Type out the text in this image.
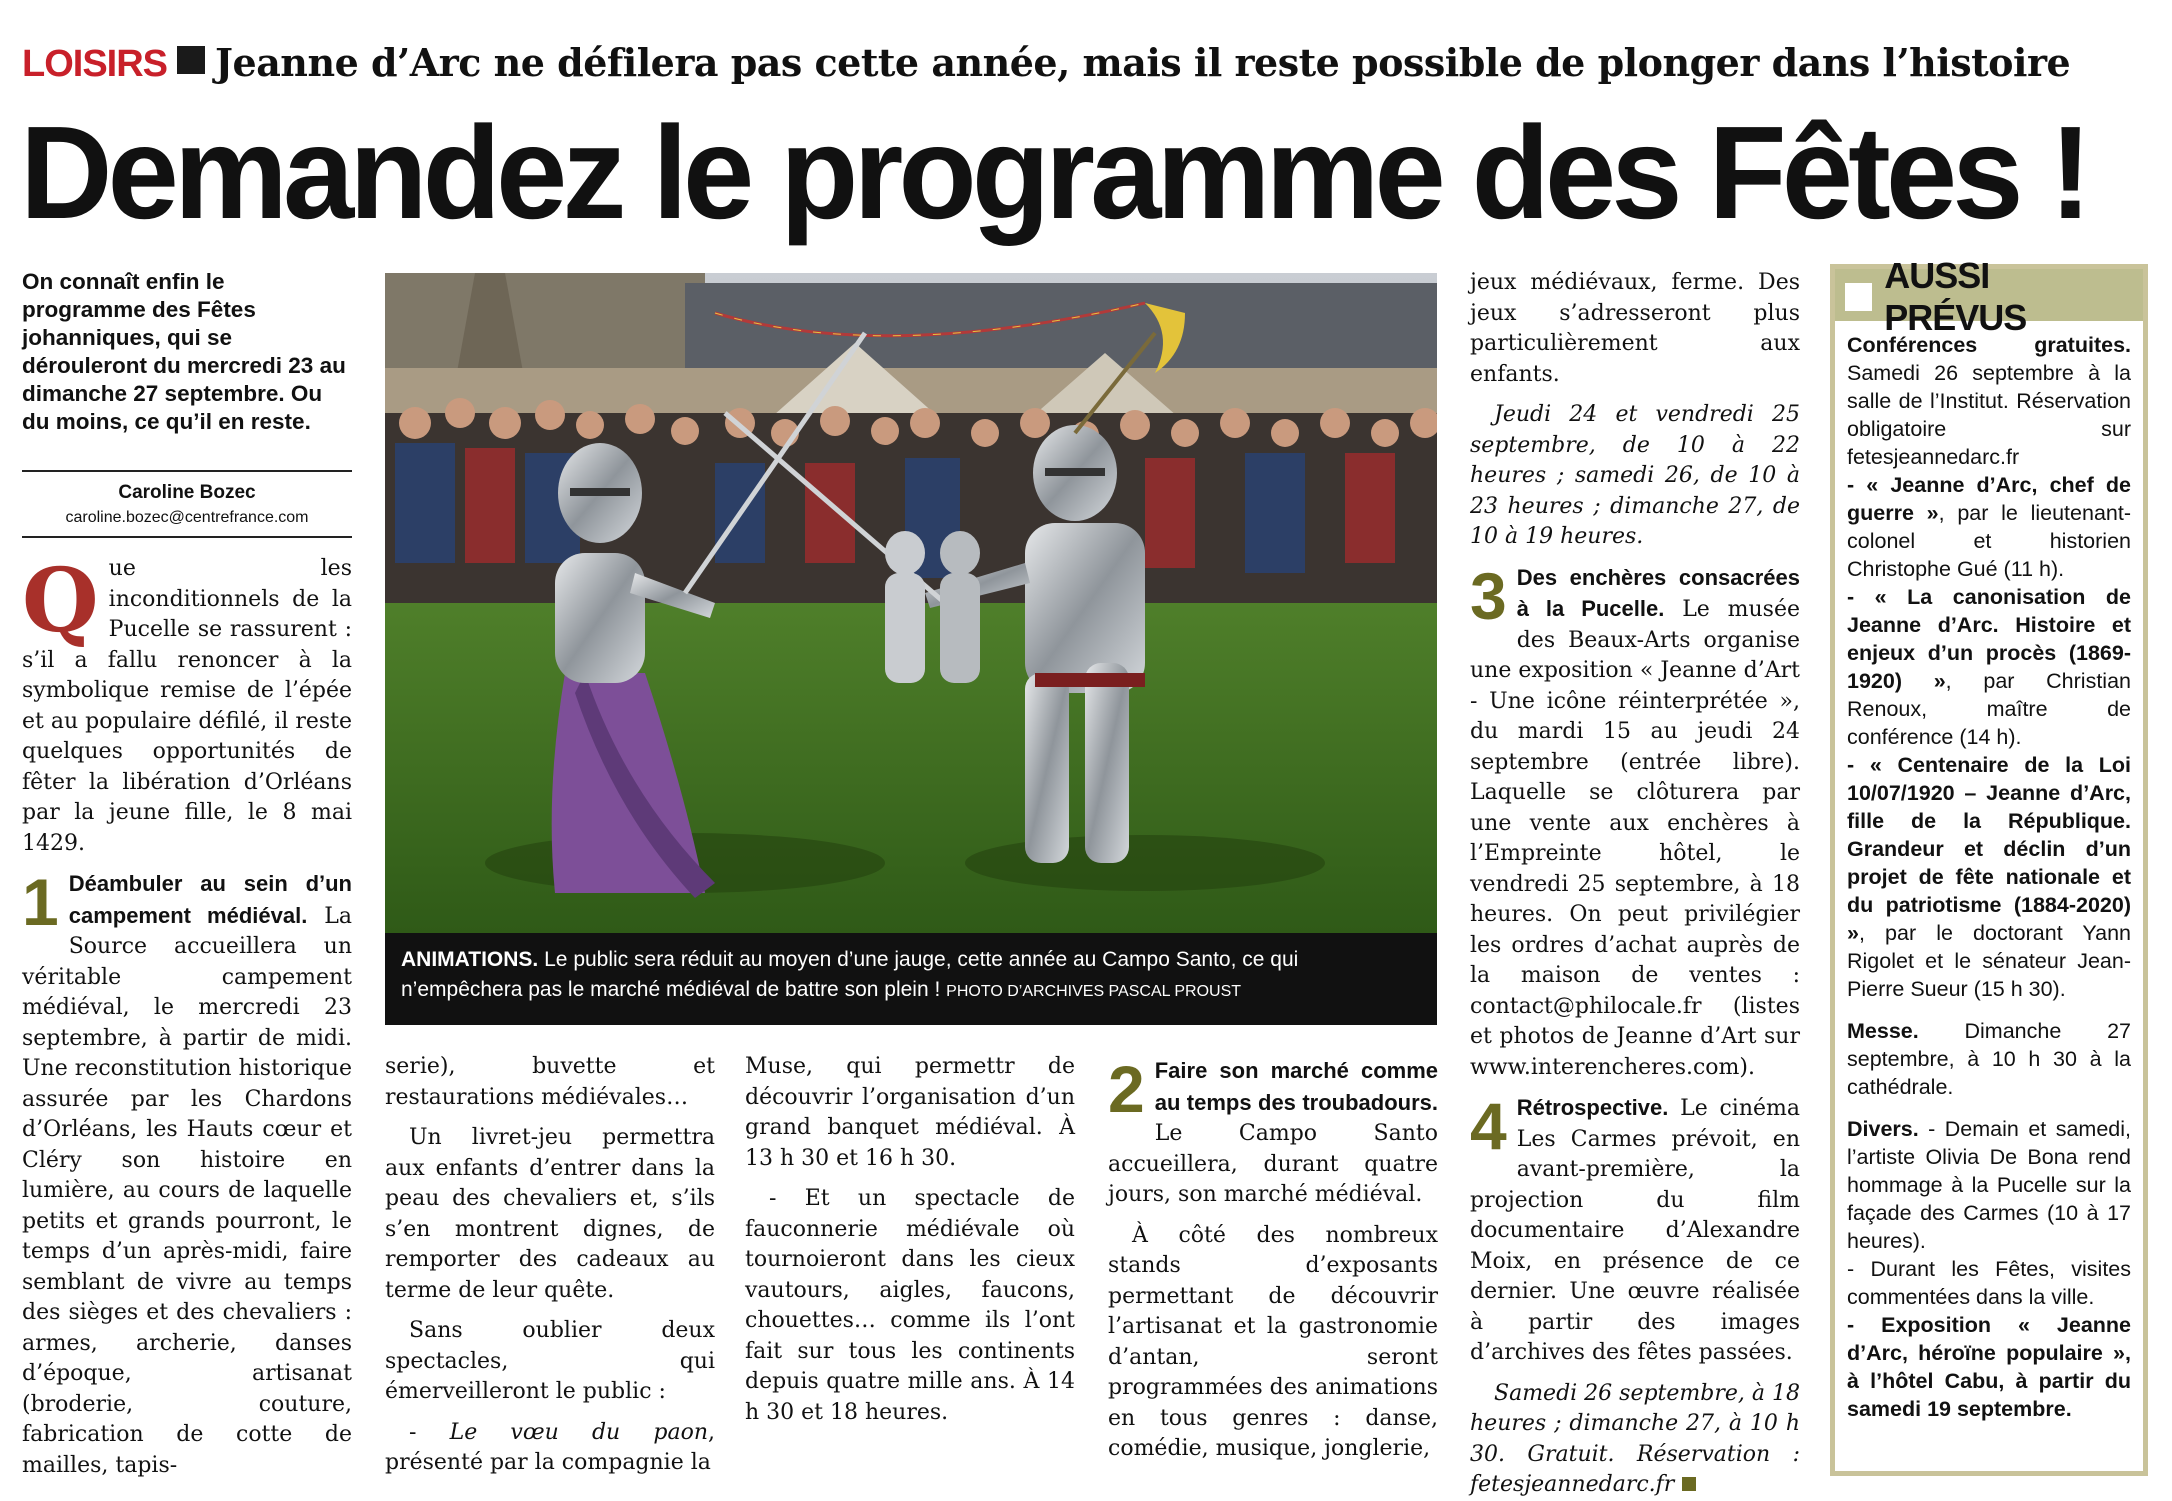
LOISIRS Jeanne d’Arc ne défilera pas cette année, mais il reste possible de plonger dans l’histoire
Demandez le programme des Fêtes !
On connaît enfin le programme des Fêtes johanniques, qui se dérouleront du mercredi 23 au dimanche 27 septembre. Ou du moins, ce qu’il en reste.
Caroline Bozec
caroline.bozec@centrefrance.com

Que les inconditionnels de la Pucelle se rassurent : s’il a fallu renoncer à la symbolique remise de l’épée et au populaire défilé, il reste quelques opportunités de fêter la libération d’Orléans par la jeune fille, le 8 mai 1429.

1 Déambuler au sein d’un campement médiéval. La Source accueillera un véritable campement médiéval, le mercredi 23 septembre, à partir de midi. Une reconstitution historique assurée par les Chardons d’Orléans, les Hauts cœur et Cléry son histoire en lumière, au cours de laquelle petits et grands pourront, le temps d’un après-midi, faire semblant de vivre au temps des sièges et des chevaliers : armes, archerie, danses d’époque, artisanat (broderie, couture, fabrication de cotte de mailles, tapis-

ANIMATIONS. Le public sera réduit au moyen d’une jauge, cette année au Campo Santo, ce qui n’empêchera pas le marché médiéval de battre son plein ! PHOTO D’ARCHIVES PASCAL PROUST

serie), buvette et restaurations médiévales…

Un livret-jeu permettra aux enfants d’entrer dans la peau des chevaliers et, s’ils s’en montrent dignes, de remporter des cadeaux au terme de leur quête.

Sans oublier deux spectacles, qui émerveilleront le public :

- Le vœu du paon, présenté par la compagnie la

Muse, qui permettr de découvrir l’organisation d’un grand banquet médiéval. À 13 h 30 et 16 h 30.

- Et un spectacle de fauconnerie médiévale où tournoieront dans les cieux vautours, aigles, faucons, chouettes… comme ils l’ont fait sur tous les continents depuis quatre mille ans. À 14 h 30 et 18 heures.

2 Faire son marché comme au temps des troubadours. Le Campo Santo accueillera, durant quatre jours, son marché médiéval.

À côté des nombreux stands d’exposants permettant de découvrir l’artisanat et la gastronomie d’antan, seront programmées des animations en tous genres : danse, comédie, musique, jonglerie,

jeux médiévaux, ferme. Des jeux s’adresseront plus particulièrement aux enfants.

Jeudi 24 et vendredi 25 septembre, de 10 à 22 heures ; samedi 26, de 10 à 23 heures ; dimanche 27, de 10 à 19 heures.

3 Des enchères consacrées à la Pucelle. Le musée des Beaux-Arts organise une exposition « Jeanne d’Art - Une icône réinterprétée », du mardi 15 au jeudi 24 septembre (entrée libre). Laquelle se clôturera par une vente aux enchères à l’Empreinte hôtel, le vendredi 25 septembre, à 18 heures. On peut privilégier les ordres d’achat auprès de la maison de ventes : contact@philocale.fr (listes et photos de Jeanne d’Art sur www.interencheres.com).

4 Rétrospective. Le cinéma Les Carmes prévoit, en avant-première, la projection du film documentaire d’Alexandre Moix, en présence de ce dernier. Une œuvre réalisée à partir des images d’archives des fêtes passées.

Samedi 26 septembre, à 18 heures ; dimanche 27, à 10 h 30. Gratuit. Réservation : fetesjeannedarc.fr

AUSSI PRÉVUS

Conférences gratuites. Samedi 26 septembre à la salle de l’Institut. Réservation obligatoire sur fetesjeannedarc.fr

- « Jeanne d’Arc, chef de guerre », par le lieutenant-colonel et historien Christophe Gué (11 h).

- « La canonisation de Jeanne d’Arc. Histoire et enjeux d’un procès (1869-1920) », par Christian Renoux, maître de conférence (14 h).

- « Centenaire de la Loi 10/07/1920 – Jeanne d’Arc, fille de la République. Grandeur et déclin d’un projet de fête nationale et du patriotisme (1884-2020) », par le doctorant Yann Rigolet et le sénateur Jean-Pierre Sueur (15 h 30).

Messe. Dimanche 27 septembre, à 10 h 30 à la cathédrale.

Divers. - Demain et samedi, l’artiste Olivia De Bona rend hommage à la Pucelle sur la façade des Carmes (10 à 17 heures).

- Durant les Fêtes, visites commentées dans la ville.

- Exposition « Jeanne d’Arc, héroïne populaire », à l’hôtel Cabu, à partir du samedi 19 septembre.
